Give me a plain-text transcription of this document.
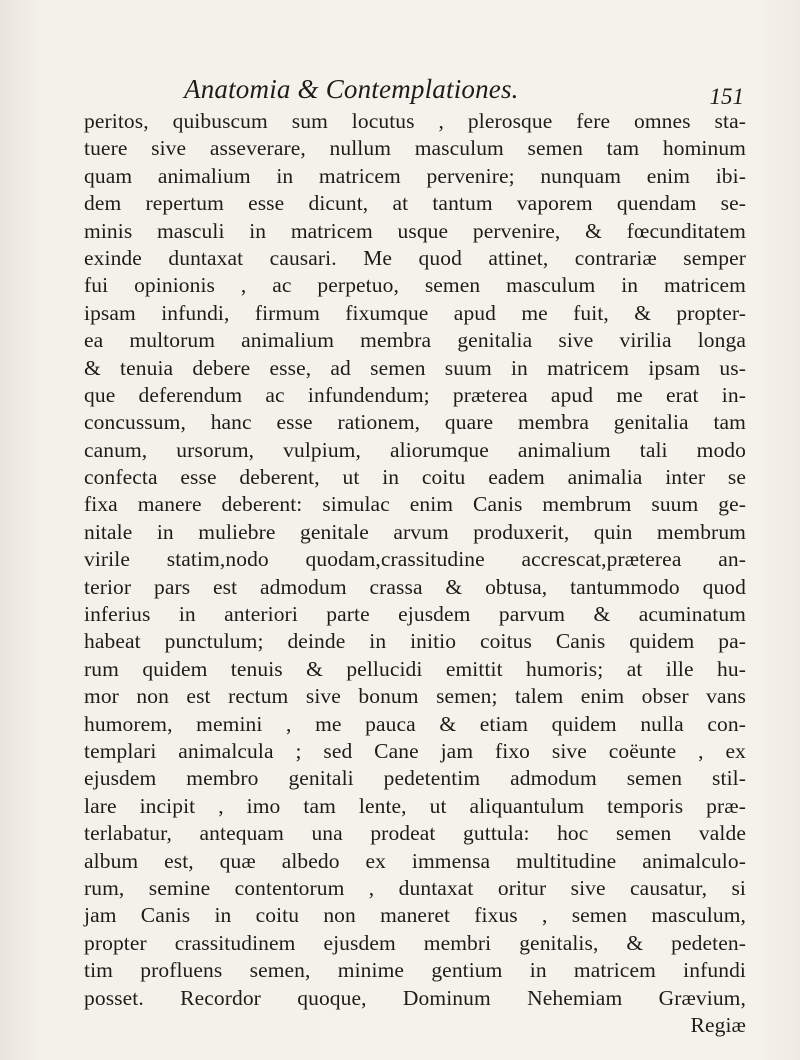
Anatomia & Contemplationes.	151
peritos, quibuscum sum locutus , plerosque fere omnes sta-
tuere sive asseverare, nullum masculum semen tam hominum
quam animalium in matricem pervenire; nunquam enim ibi-
dem repertum esse dicunt, at tantum vaporem quendam se-
minis masculi in matricem usque pervenire, & fœcunditatem
exinde duntaxat causari. Me quod attinet, contrariæ semper
fui opinionis , ac perpetuo, semen masculum in matricem
ipsam infundi, firmum fixumque apud me fuit, & propter-
ea multorum animalium membra genitalia sive virilia longa
& tenuia debere esse, ad semen suum in matricem ipsam us-
que deferendum ac infundendum; præterea apud me erat in-
concussum, hanc esse rationem, quare membra genitalia tam
canum, ursorum, vulpium, aliorumque animalium tali modo
confecta esse deberent, ut in coitu eadem animalia inter se
fixa manere deberent: simulac enim Canis membrum suum ge-
nitale in muliebre genitale arvum produxerit, quin membrum
virile statim,nodo quodam,crassitudine accrescat,præterea an-
terior pars est admodum crassa & obtusa, tantummodo quod
inferius in anteriori parte ejusdem parvum & acuminatum
habeat punctulum; deinde in initio coitus Canis quidem pa-
rum quidem tenuis & pellucidi emittit humoris; at ille hu-
mor non est rectum sive bonum semen; talem enim obser vans
humorem, memini , me pauca & etiam quidem nulla con-
templari animalcula ; sed Cane jam fixo sive coëunte , ex
ejusdem membro genitali pedetentim admodum semen stil-
lare incipit , imo tam lente, ut aliquantulum temporis præ-
terlabatur, antequam una prodeat guttula: hoc semen valde
album est, quæ albedo ex immensa multitudine animalculo-
rum, semine contentorum , duntaxat oritur sive causatur, si
jam Canis in coitu non maneret fixus , semen masculum,
propter crassitudinem ejusdem membri genitalis, & pedeten-
tim profluens semen, minime gentium in matricem infundi
posset. Recordor quoque, Dominum Nehemiam Grævium,
Regiæ
